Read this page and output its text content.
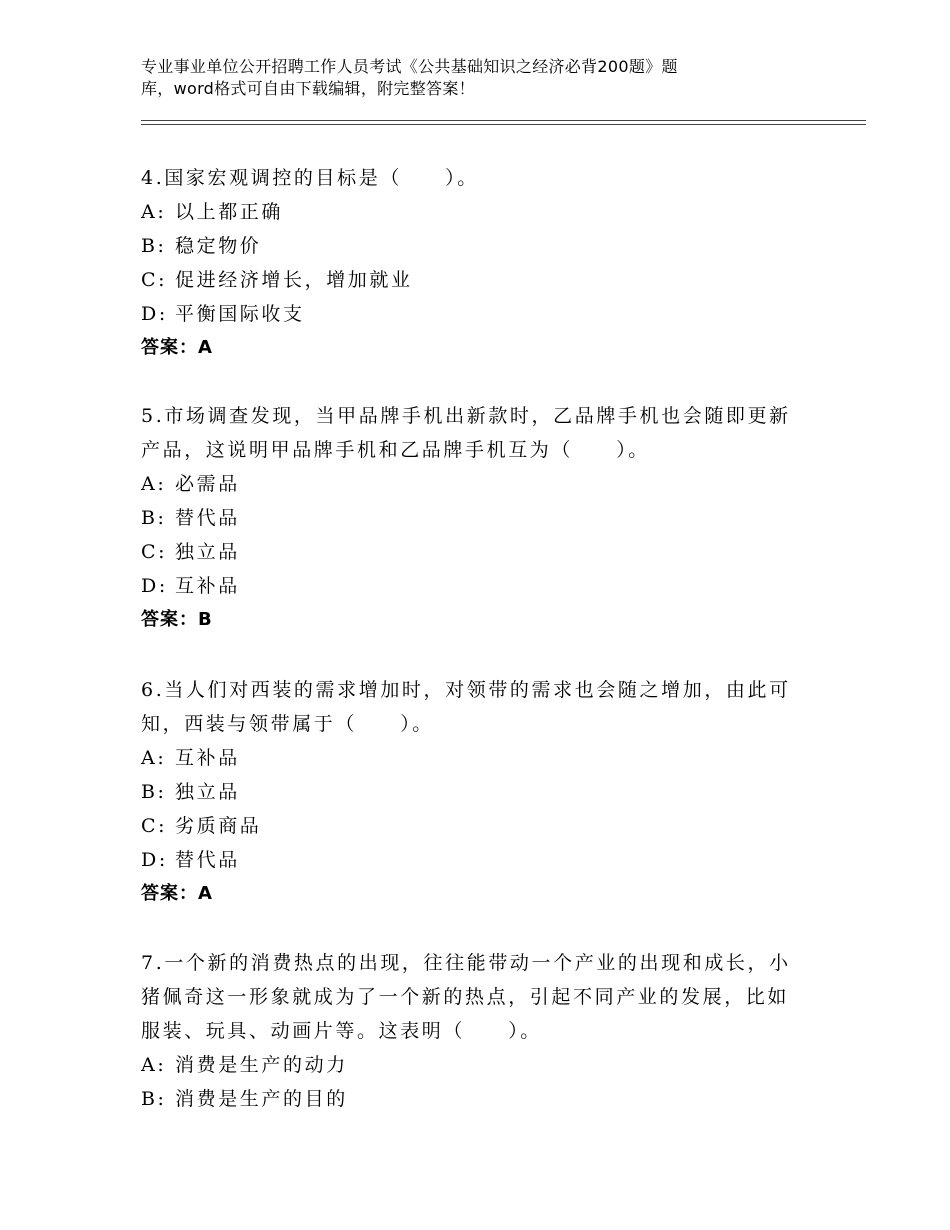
专业事业单位公开招聘工作人员考试《公共基础知识之经济必背200题》题
库，word格式可自由下载编辑，附完整答案！

4.国家宏观调控的目标是（　　）。

A: 以上都正确

B: 稳定物价

C: 促进经济增长，增加就业

D: 平衡国际收支

答案：A

5.市场调查发现，当甲品牌手机出新款时，乙品牌手机也会随即更新

产品，这说明甲品牌手机和乙品牌手机互为（　　）。

A: 必需品

B: 替代品

C: 独立品

D: 互补品

答案：B

6.当人们对西装的需求增加时，对领带的需求也会随之增加，由此可

知，西装与领带属于（　　）。

A: 互补品

B: 独立品

C: 劣质商品

D: 替代品

答案：A

7.一个新的消费热点的出现，往往能带动一个产业的出现和成长，小

猪佩奇这一形象就成为了一个新的热点，引起不同产业的发展，比如

服装、玩具、动画片等。这表明（　　）。

A: 消费是生产的动力

B: 消费是生产的目的
